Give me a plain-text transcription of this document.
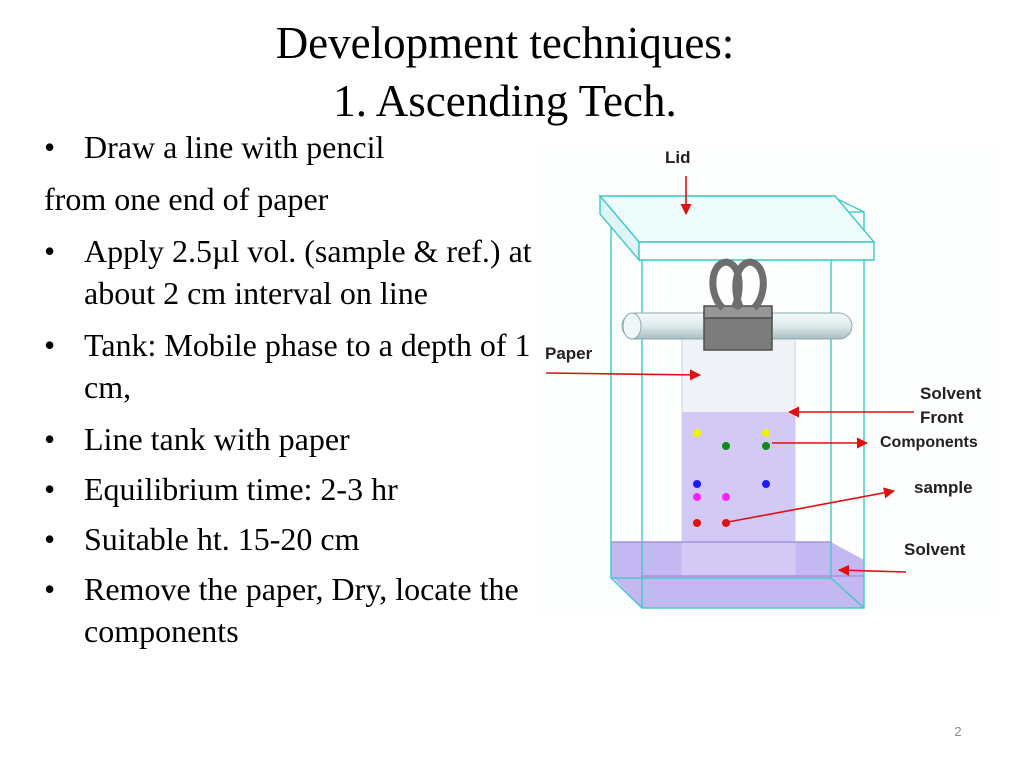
Development techniques:
1. Ascending Tech.

• Draw a line with pencil

from one end of paper

• Apply 2.5µl vol. (sample & ref.) at about 2 cm interval on line

• Tank: Mobile phase to a depth of 1 cm,

• Line tank with paper

• Equilibrium time: 2-3 hr

• Suitable ht. 15-20 cm

• Remove the paper, Dry, locate the components

Lid
Paper
Solvent
Front
Components
sample
Solvent
2
